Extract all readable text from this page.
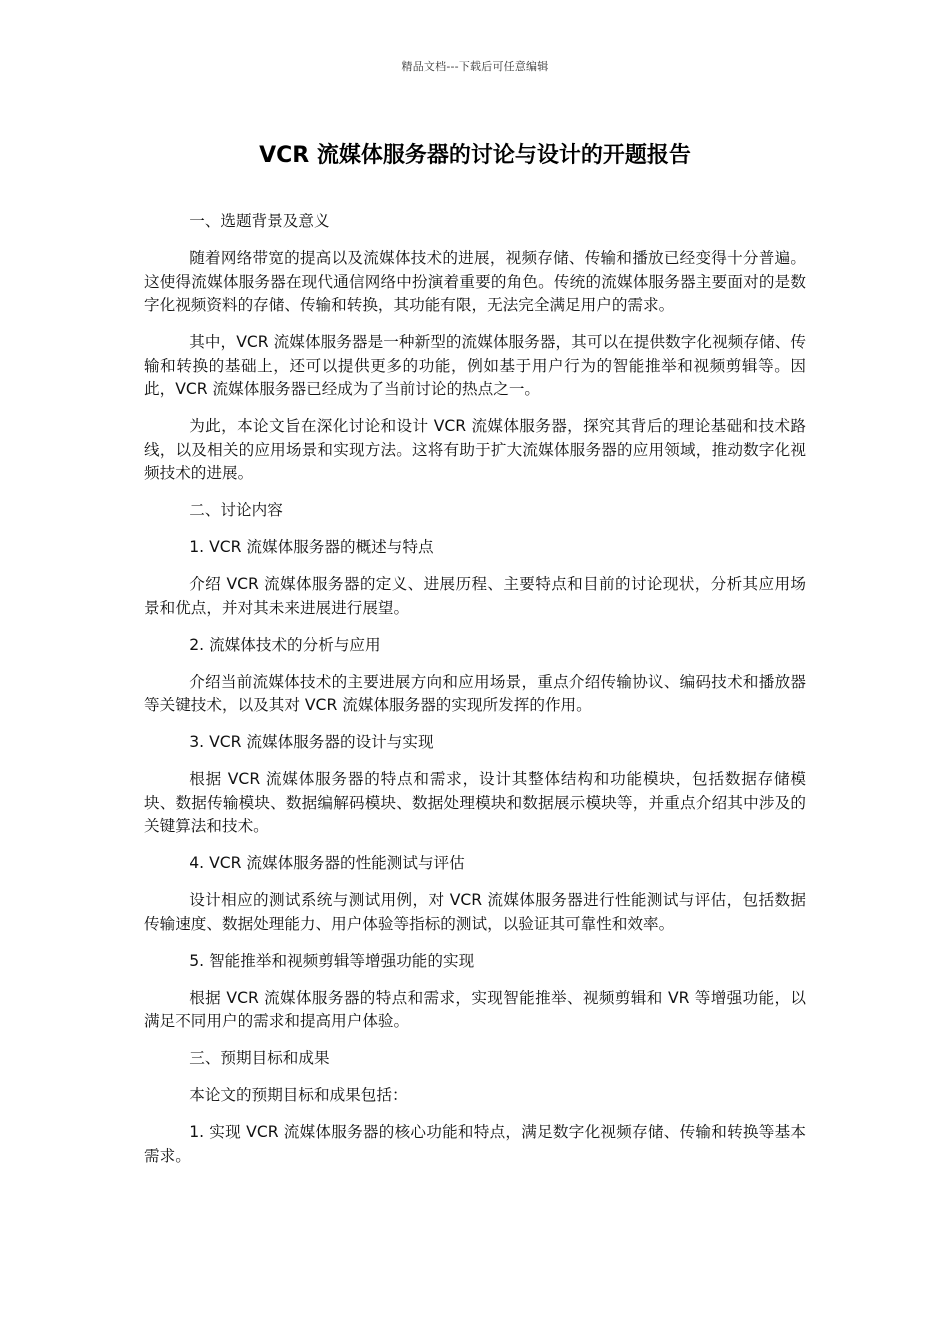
精品文档---下载后可任意编辑
VCR 流媒体服务器的讨论与设计的开题报告

一、选题背景及意义

随着网络带宽的提高以及流媒体技术的进展，视频存储、传输和播放已经变得十分普遍。这使得流媒体服务器在现代通信网络中扮演着重要的角色。传统的流媒体服务器主要面对的是数字化视频资料的存储、传输和转换，其功能有限，无法完全满足用户的需求。

其中，VCR 流媒体服务器是一种新型的流媒体服务器，其可以在提供数字化视频存储、传输和转换的基础上，还可以提供更多的功能，例如基于用户行为的智能推举和视频剪辑等。因此，VCR 流媒体服务器已经成为了当前讨论的热点之一。

为此，本论文旨在深化讨论和设计 VCR 流媒体服务器，探究其背后的理论基础和技术路线，以及相关的应用场景和实现方法。这将有助于扩大流媒体服务器的应用领域，推动数字化视频技术的进展。

二、讨论内容

1. VCR 流媒体服务器的概述与特点

介绍 VCR 流媒体服务器的定义、进展历程、主要特点和目前的讨论现状，分析其应用场景和优点，并对其未来进展进行展望。

2. 流媒体技术的分析与应用

介绍当前流媒体技术的主要进展方向和应用场景，重点介绍传输协议、编码技术和播放器等关键技术，以及其对 VCR 流媒体服务器的实现所发挥的作用。

3. VCR 流媒体服务器的设计与实现

根据 VCR 流媒体服务器的特点和需求，设计其整体结构和功能模块，包括数据存储模块、数据传输模块、数据编解码模块、数据处理模块和数据展示模块等，并重点介绍其中涉及的关键算法和技术。

4. VCR 流媒体服务器的性能测试与评估

设计相应的测试系统与测试用例，对 VCR 流媒体服务器进行性能测试与评估，包括数据传输速度、数据处理能力、用户体验等指标的测试，以验证其可靠性和效率。

5. 智能推举和视频剪辑等增强功能的实现

根据 VCR 流媒体服务器的特点和需求，实现智能推举、视频剪辑和 VR 等增强功能，以满足不同用户的需求和提高用户体验。

三、预期目标和成果

本论文的预期目标和成果包括：

1. 实现 VCR 流媒体服务器的核心功能和特点，满足数字化视频存储、传输和转换等基本需求。
